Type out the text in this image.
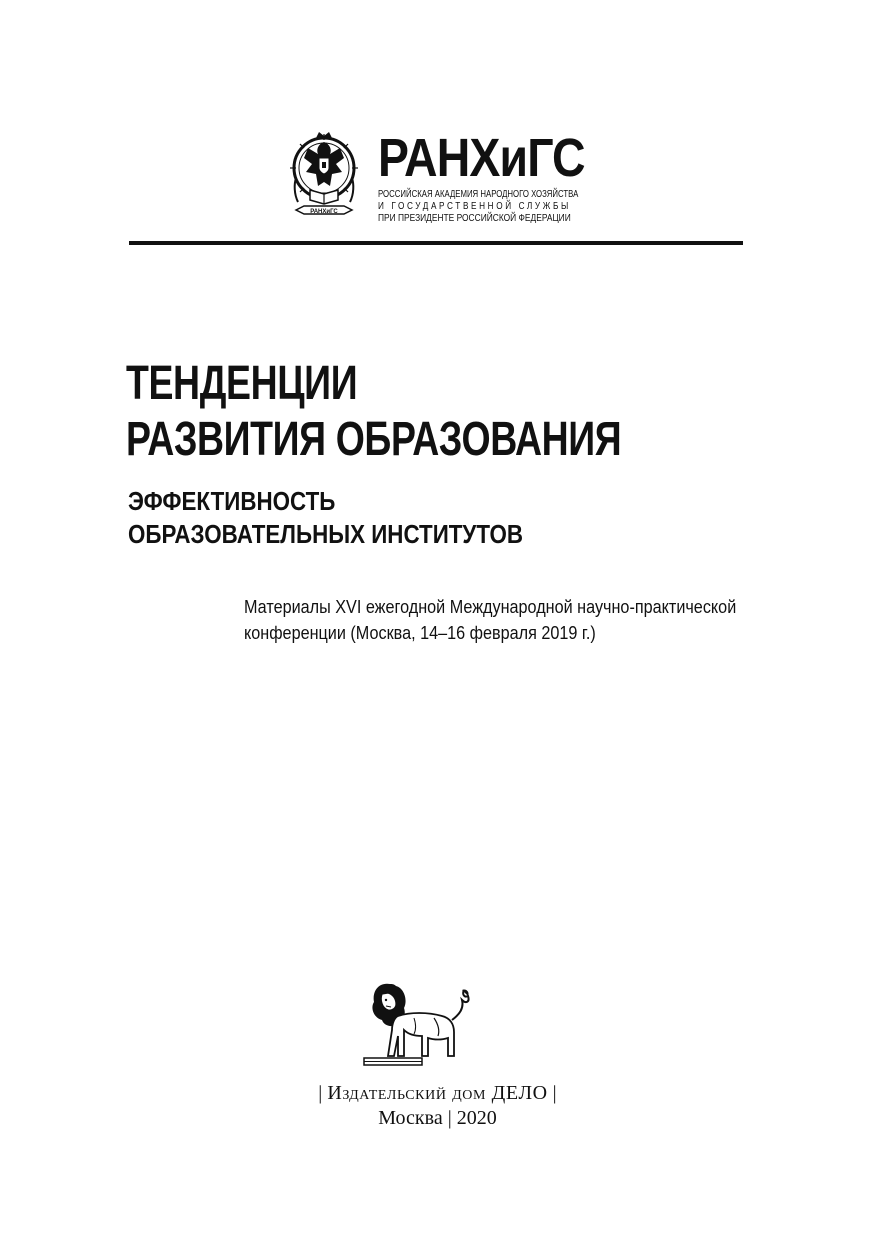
РАНХиГС
РАНХиГС
РОССИЙСКАЯ АКАДЕМИЯ НАРОДНОГО ХОЗЯЙСТВА
И ГОСУДАРСТВЕННОЙ СЛУЖБЫ
ПРИ ПРЕЗИДЕНТЕ РОССИЙСКОЙ ФЕДЕРАЦИИ
ТЕНДЕНЦИИ
РАЗВИТИЯ ОБРАЗОВАНИЯ
ЭФФЕКТИВНОСТЬ
ОБРАЗОВАТЕЛЬНЫХ ИНСТИТУТОВ
Материалы XVI ежегодной Международной научно-практической
конференции (Москва, 14–16 февраля 2019 г.)
| Издательский дом ДЕЛО |
Москва | 2020
